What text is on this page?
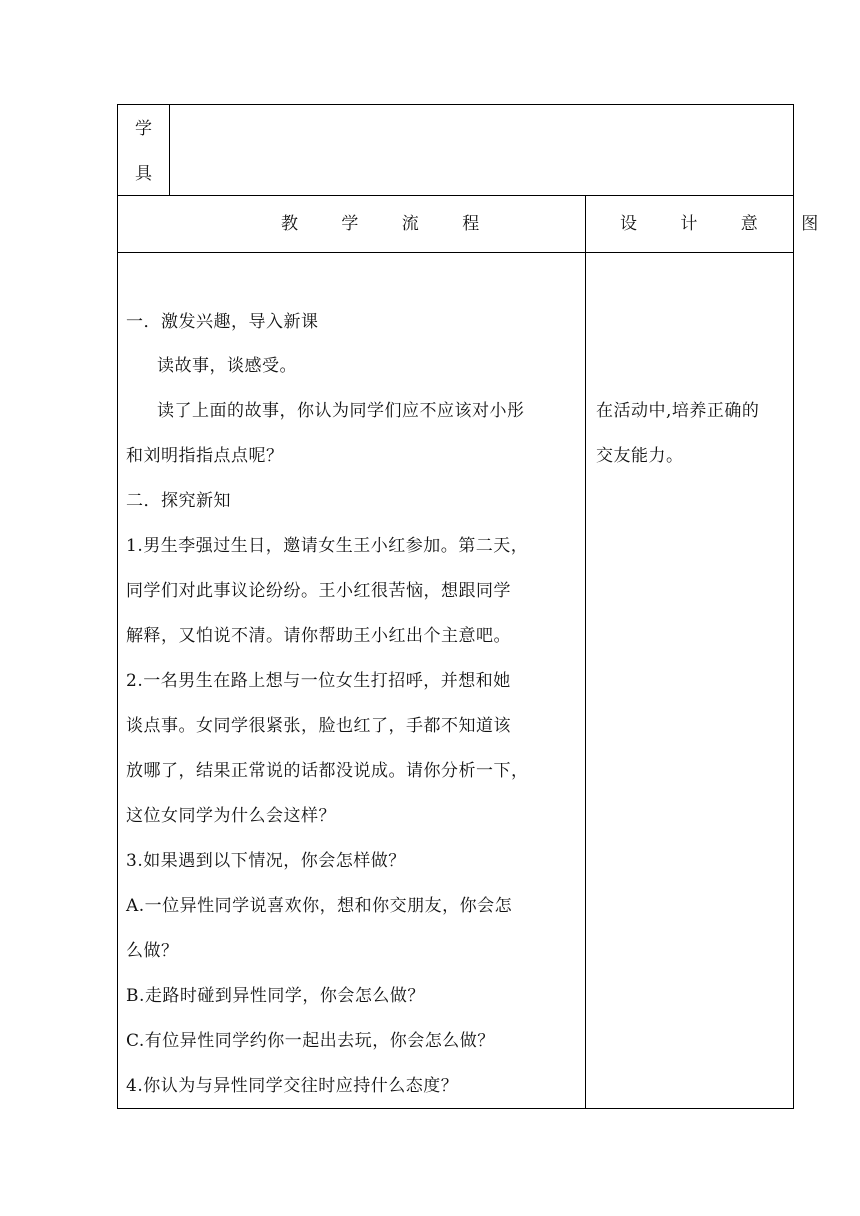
学
具
教 学 流 程	设 计 意 图
一．激发兴趣，导入新课
读故事，谈感受。
读了上面的故事，你认为同学们应不应该对小彤
和刘明指指点点呢？
二．探究新知
1.男生李强过生日，邀请女生王小红参加。第二天，
同学们对此事议论纷纷。王小红很苦恼，想跟同学
解释，又怕说不清。请你帮助王小红出个主意吧。
2.一名男生在路上想与一位女生打招呼，并想和她
谈点事。女同学很紧张，脸也红了，手都不知道该
放哪了，结果正常说的话都没说成。请你分析一下，
这位女同学为什么会这样？
3.如果遇到以下情况，你会怎样做？
A.一位异性同学说喜欢你，想和你交朋友，你会怎
么做？
B.走路时碰到异性同学，你会怎么做？
C.有位异性同学约你一起出去玩，你会怎么做？
4.你认为与异性同学交往时应持什么态度？
在活动中,培养正确的
交友能力。
